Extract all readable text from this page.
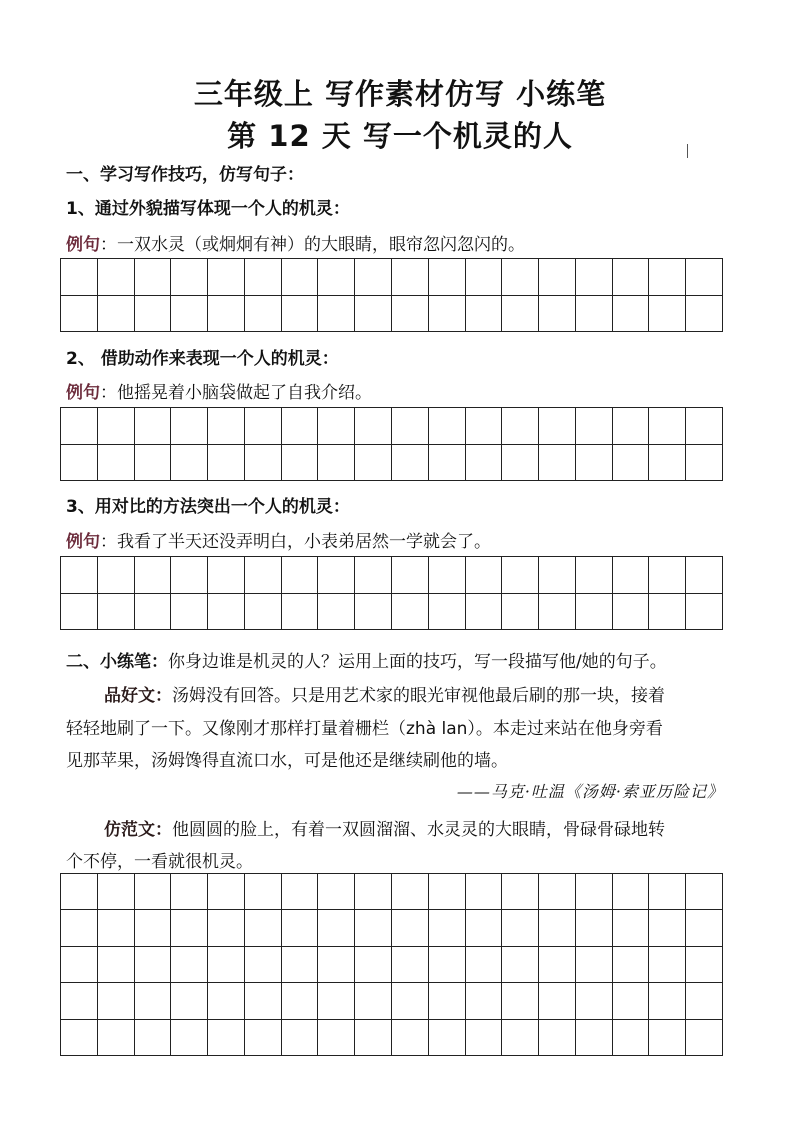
三年级上 写作素材仿写 小练笔
第 12 天 写一个机灵的人
一、学习写作技巧，仿写句子：
1、通过外貌描写体现一个人的机灵：
例句：一双水灵（或炯炯有神）的大眼睛，眼帘忽闪忽闪的。
2、 借助动作来表现一个人的机灵：
例句：他摇晃着小脑袋做起了自我介绍。
3、用对比的方法突出一个人的机灵：
例句：我看了半天还没弄明白，小表弟居然一学就会了。
二、小练笔：你身边谁是机灵的人？运用上面的技巧，写一段描写他/她的句子。
品好文：汤姆没有回答。只是用艺术家的眼光审视他最后刷的那一块，接着
轻轻地刷了一下。又像刚才那样打量着栅栏（zhà lan）。本走过来站在他身旁看
见那苹果，汤姆馋得直流口水，可是他还是继续刷他的墙。
——马克·吐温《汤姆·索亚历险记》
仿范文：他圆圆的脸上，有着一双圆溜溜、水灵灵的大眼睛，骨碌骨碌地转
个不停，一看就很机灵。
